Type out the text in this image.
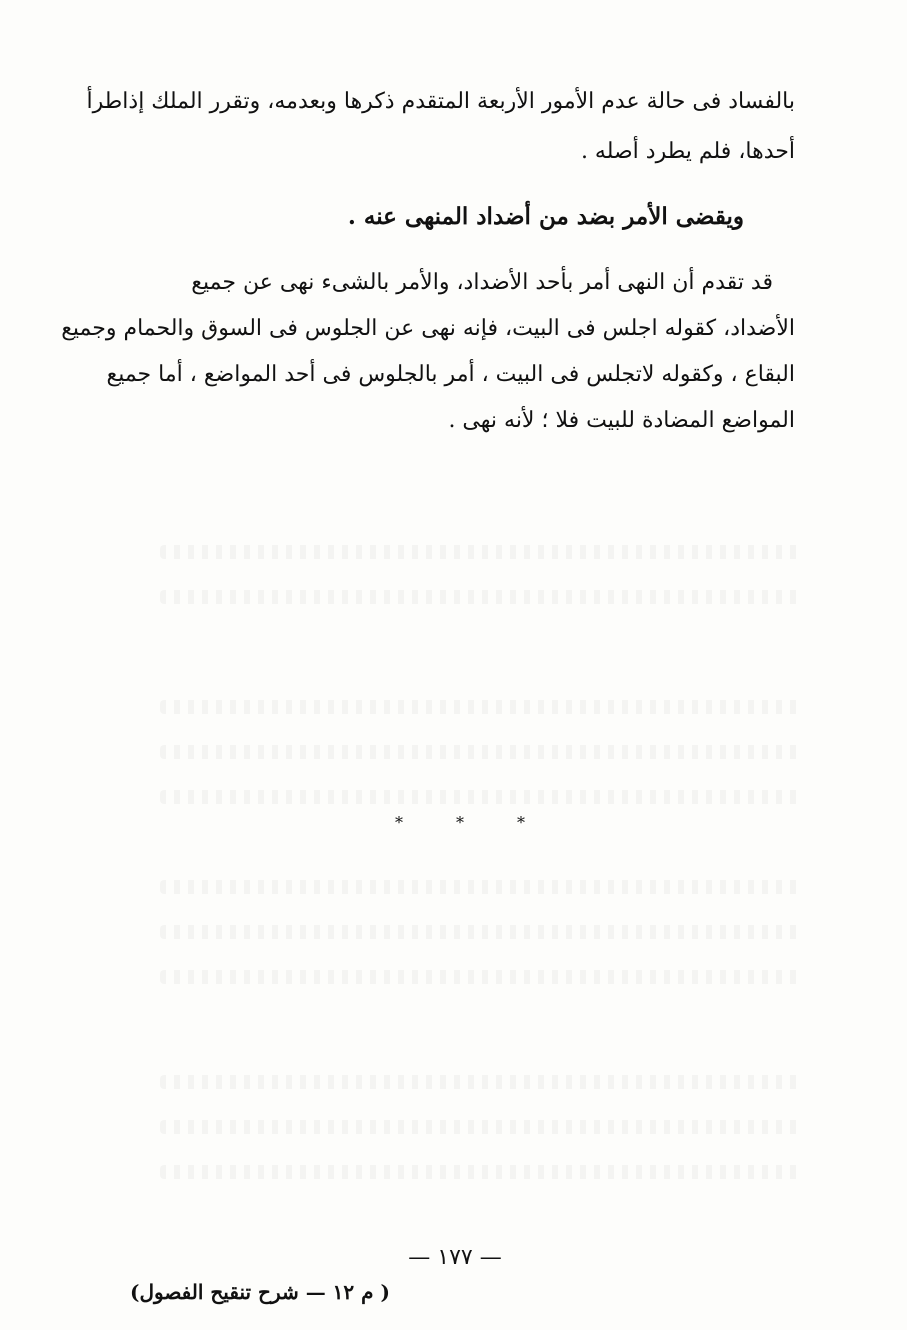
بالفساد فى حالة عدم الأمور الأربعة المتقدم ذكرها وبعدمه، وتقرر الملك إذاطرأ
أحدها، فلم يطرد أصله .
ويقضى الأمر بضد من أضداد المنهى عنه .
قد تقدم أن النهى أمر بأحد الأضداد، والأمر بالشىء نهى عن جميع
الأضداد، كقوله اجلس فى البيت، فإنه نهى عن الجلوس فى السوق والحمام وجميع
البقاع ، وكقوله لاتجلس فى البيت ، أمر بالجلوس فى أحد المواضع ، أما جميع
المواضع المضادة للبيت فلا ؛ لأنه نهى .
*	*	*
— ١٧٧ —
( م ١٢ — شرح تنقيح الفصول)
